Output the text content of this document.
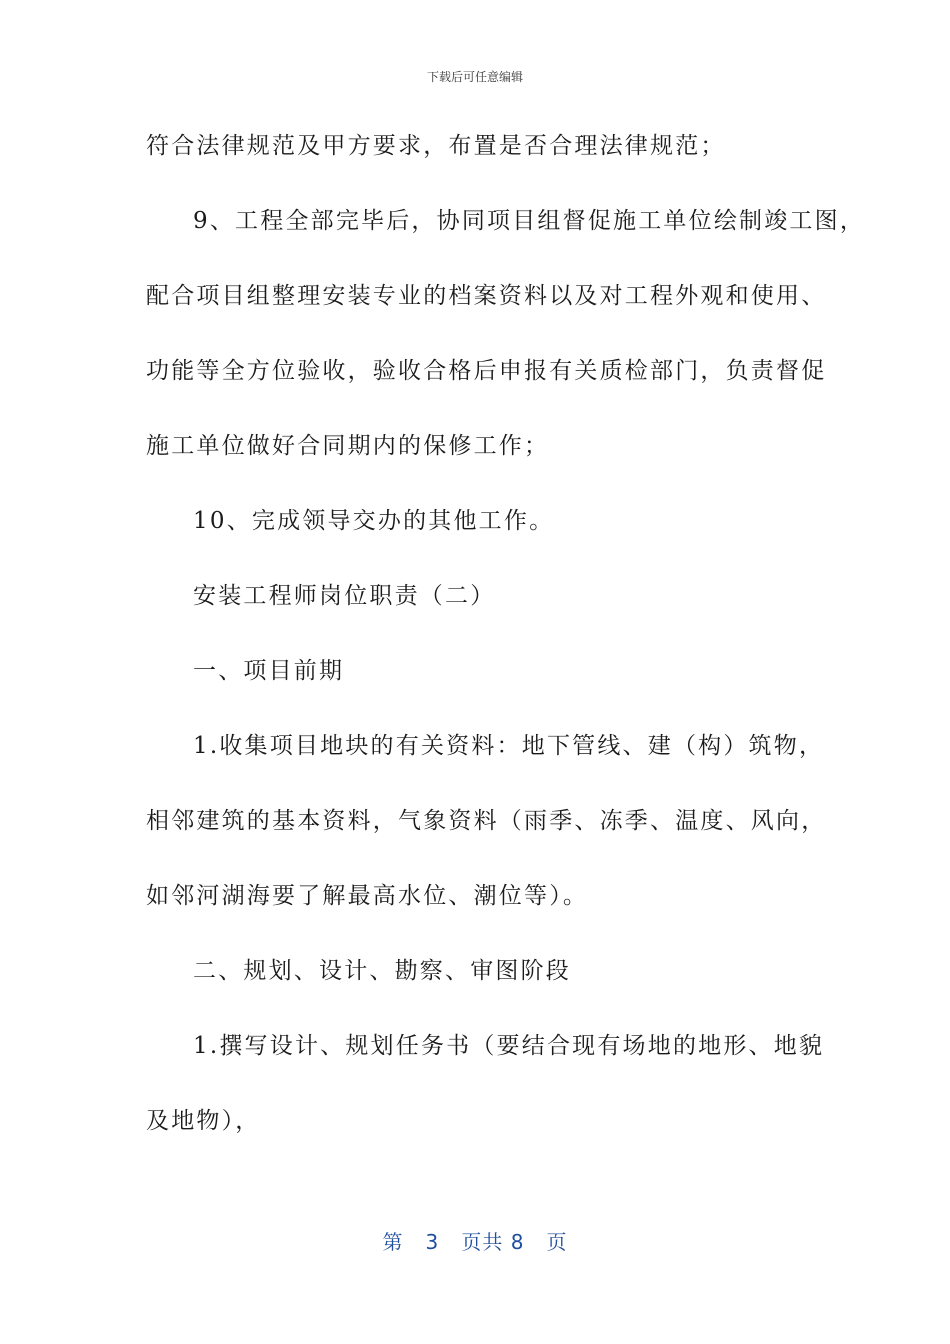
下载后可任意编辑
符合法律规范及甲方要求，布置是否合理法律规范；
9、工程全部完毕后，协同项目组督促施工单位绘制竣工图，
配合项目组整理安装专业的档案资料以及对工程外观和使用、
功能等全方位验收，验收合格后申报有关质检部门，负责督促
施工单位做好合同期内的保修工作；
10、完成领导交办的其他工作。
安装工程师岗位职责（二）
一、项目前期
1.收集项目地块的有关资料：地下管线、建（构）筑物，
相邻建筑的基本资料，气象资料（雨季、冻季、温度、风向，
如邻河湖海要了解最高水位、潮位等）。
二、规划、设计、勘察、审图阶段
1.撰写设计、规划任务书（要结合现有场地的地形、地貌
及地物），
第 3 页共 8 页
